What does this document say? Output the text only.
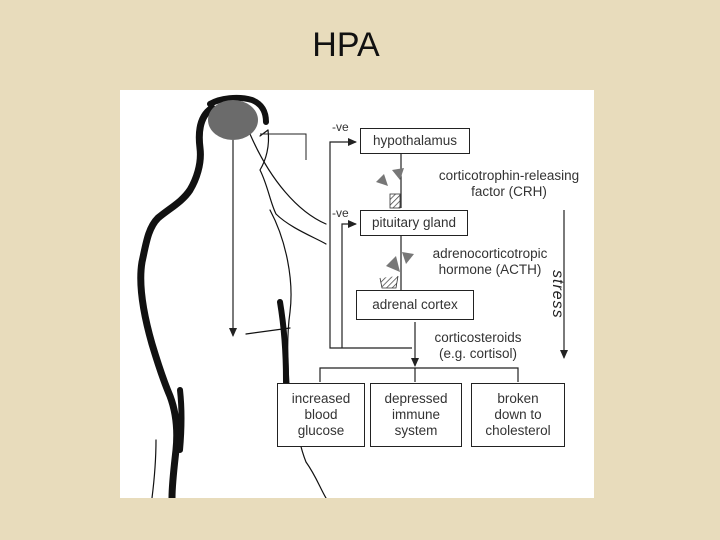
HPA
hypothalamus
pituitary gland
adrenal cortex
corticotrophin-releasing
factor (CRH)
adrenocorticotropic
hormone (ACTH)
corticosteroids
(e.g. cortisol)
-ve
-ve
stress
increased
blood
glucose
depressed
immune
system
broken
down to
cholesterol
